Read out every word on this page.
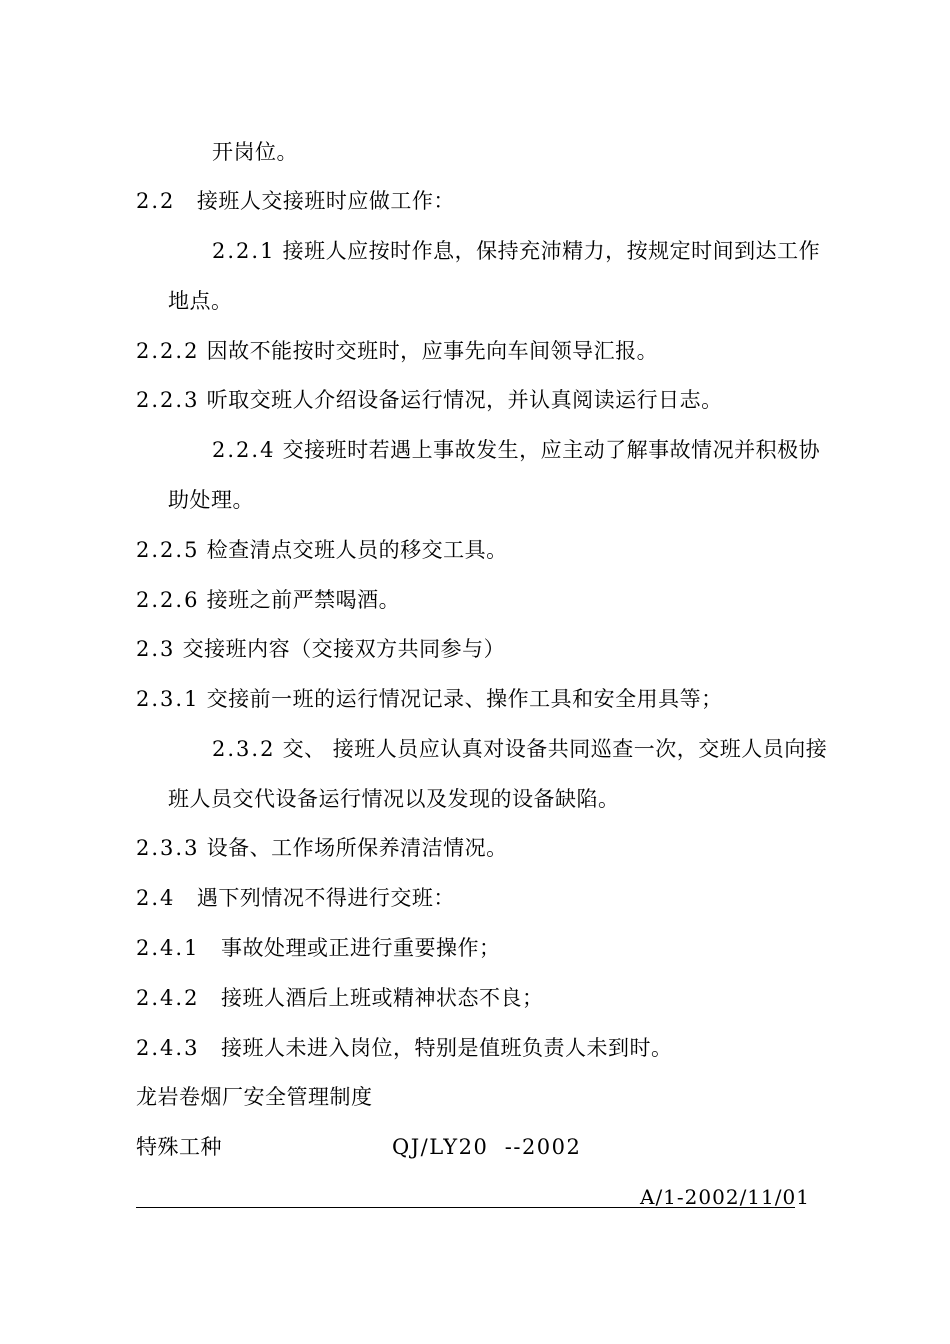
开岗位。
2.2   接班人交接班时应做工作：
2.2.1 接班人应按时作息，保持充沛精力，按规定时间到达工作
地点。
2.2.2 因故不能按时交班时，应事先向车间领导汇报。
2.2.3 听取交班人介绍设备运行情况，并认真阅读运行日志。
2.2.4 交接班时若遇上事故发生，应主动了解事故情况并积极协
助处理。
2.2.5 检查清点交班人员的移交工具。
2.2.6 接班之前严禁喝酒。
2.3 交接班内容（交接双方共同参与）
2.3.1 交接前一班的运行情况记录、操作工具和安全用具等；
2.3.2 交、 接班人员应认真对设备共同巡查一次，交班人员向接
班人员交代设备运行情况以及发现的设备缺陷。
2.3.3 设备、工作场所保养清洁情况。
2.4   遇下列情况不得进行交班：
2.4.1   事故处理或正进行重要操作；
2.4.2   接班人酒后上班或精神状态不良；
2.4.3   接班人未进入岗位，特别是值班负责人未到时。
龙岩卷烟厂安全管理制度
特殊工种	QJ/LY20  --2002
A/1-2002/11/01
